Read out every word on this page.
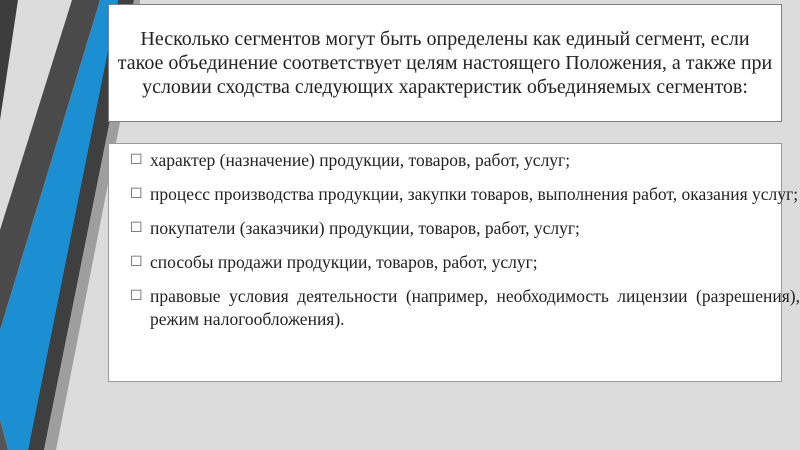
Несколько сегментов могут быть определены как единый сегмент, если такое объединение соответствует целям настоящего Положения, а также при условии сходства следующих характеристик объединяемых сегментов:
☐ характер (назначение) продукции, товаров, работ, услуг;
☐ процесс производства продукции, закупки товаров, выполнения работ, оказания услуг;
☐ покупатели (заказчики) продукции, товаров, работ, услуг;
☐ способы продажи продукции, товаров, работ, услуг;
☐ правовые условия деятельности (например, необходимость лицензии (разрешения), режим налогообложения).
